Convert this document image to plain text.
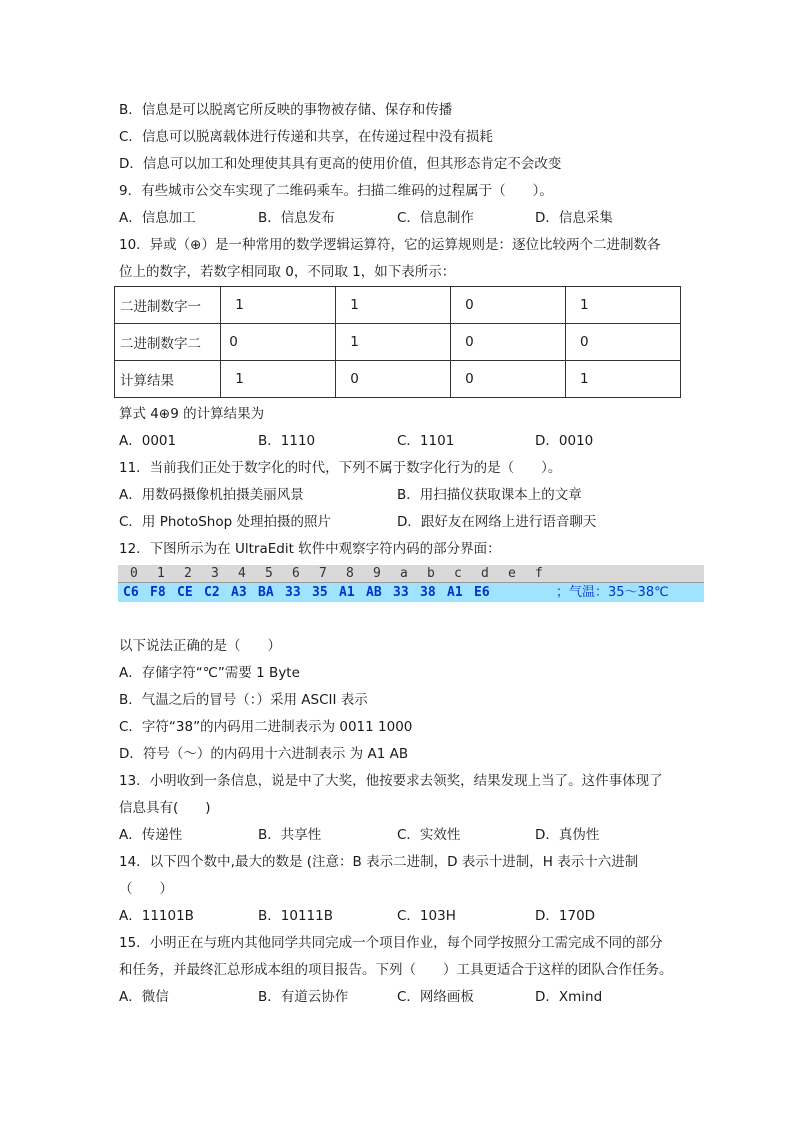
B．信息是可以脱离它所反映的事物被存储、保存和传播
C．信息可以脱离载体进行传递和共享，在传递过程中没有损耗
D．信息可以加工和处理使其具有更高的使用价值，但其形态肯定不会改变
9．有些城市公交车实现了二维码乘车。扫描二维码的过程属于（　　）。
A．信息加工	B．信息发布	C．信息制作	D．信息采集
10．异或（⊕）是一种常用的数学逻辑运算符，它的运算规则是：逐位比较两个二进制数各
位上的数字，若数字相同取 0，不同取 1，如下表所示：
二进制数字一	1	1	0	1
二进制数字二	0	1	0	0
计算结果	1	0	0	1
算式 4⊕9 的计算结果为
A．0001	B．1110	C．1101	D．0010
11．当前我们正处于数字化的时代，下列不属于数字化行为的是（　　）。
A．用数码摄像机拍摄美丽风景	B．用扫描仪获取课本上的文章
C．用 PhotoShop 处理拍摄的照片	D．跟好友在网络上进行语音聊天
12．下图所示为在 UltraEdit 软件中观察字符内码的部分界面：
0 1 2 3 4 5 6 7 8 9 a b c d e f
C6 F8 CE C2 A3 BA 33 35 A1 AB 33 38 A1 E6	；气温：35～38℃
以下说法正确的是（　　）
A．存储字符“℃”需要 1 Byte
B．气温之后的冒号（：）采用 ASCII 表示
C．字符“38”的内码用二进制表示为 0011 1000
D．符号（～）的内码用十六进制表示 为 A1 AB
13．小明收到一条信息，说是中了大奖，他按要求去领奖，结果发现上当了。这件事体现了
信息具有(　　)
A．传递性	B．共享性	C．实效性	D．真伪性
14．以下四个数中,最大的数是 (注意：B 表示二进制，D 表示十进制，H 表示十六进制
（　　）
A．11101B	B．10111B	C．103H	D．170D
15．小明正在与班内其他同学共同完成一个项目作业，每个同学按照分工需完成不同的部分
和任务，并最终汇总形成本组的项目报告。下列（　　）工具更适合于这样的团队合作任务。
A．微信	B．有道云协作	C．网络画板	D．Xmind
